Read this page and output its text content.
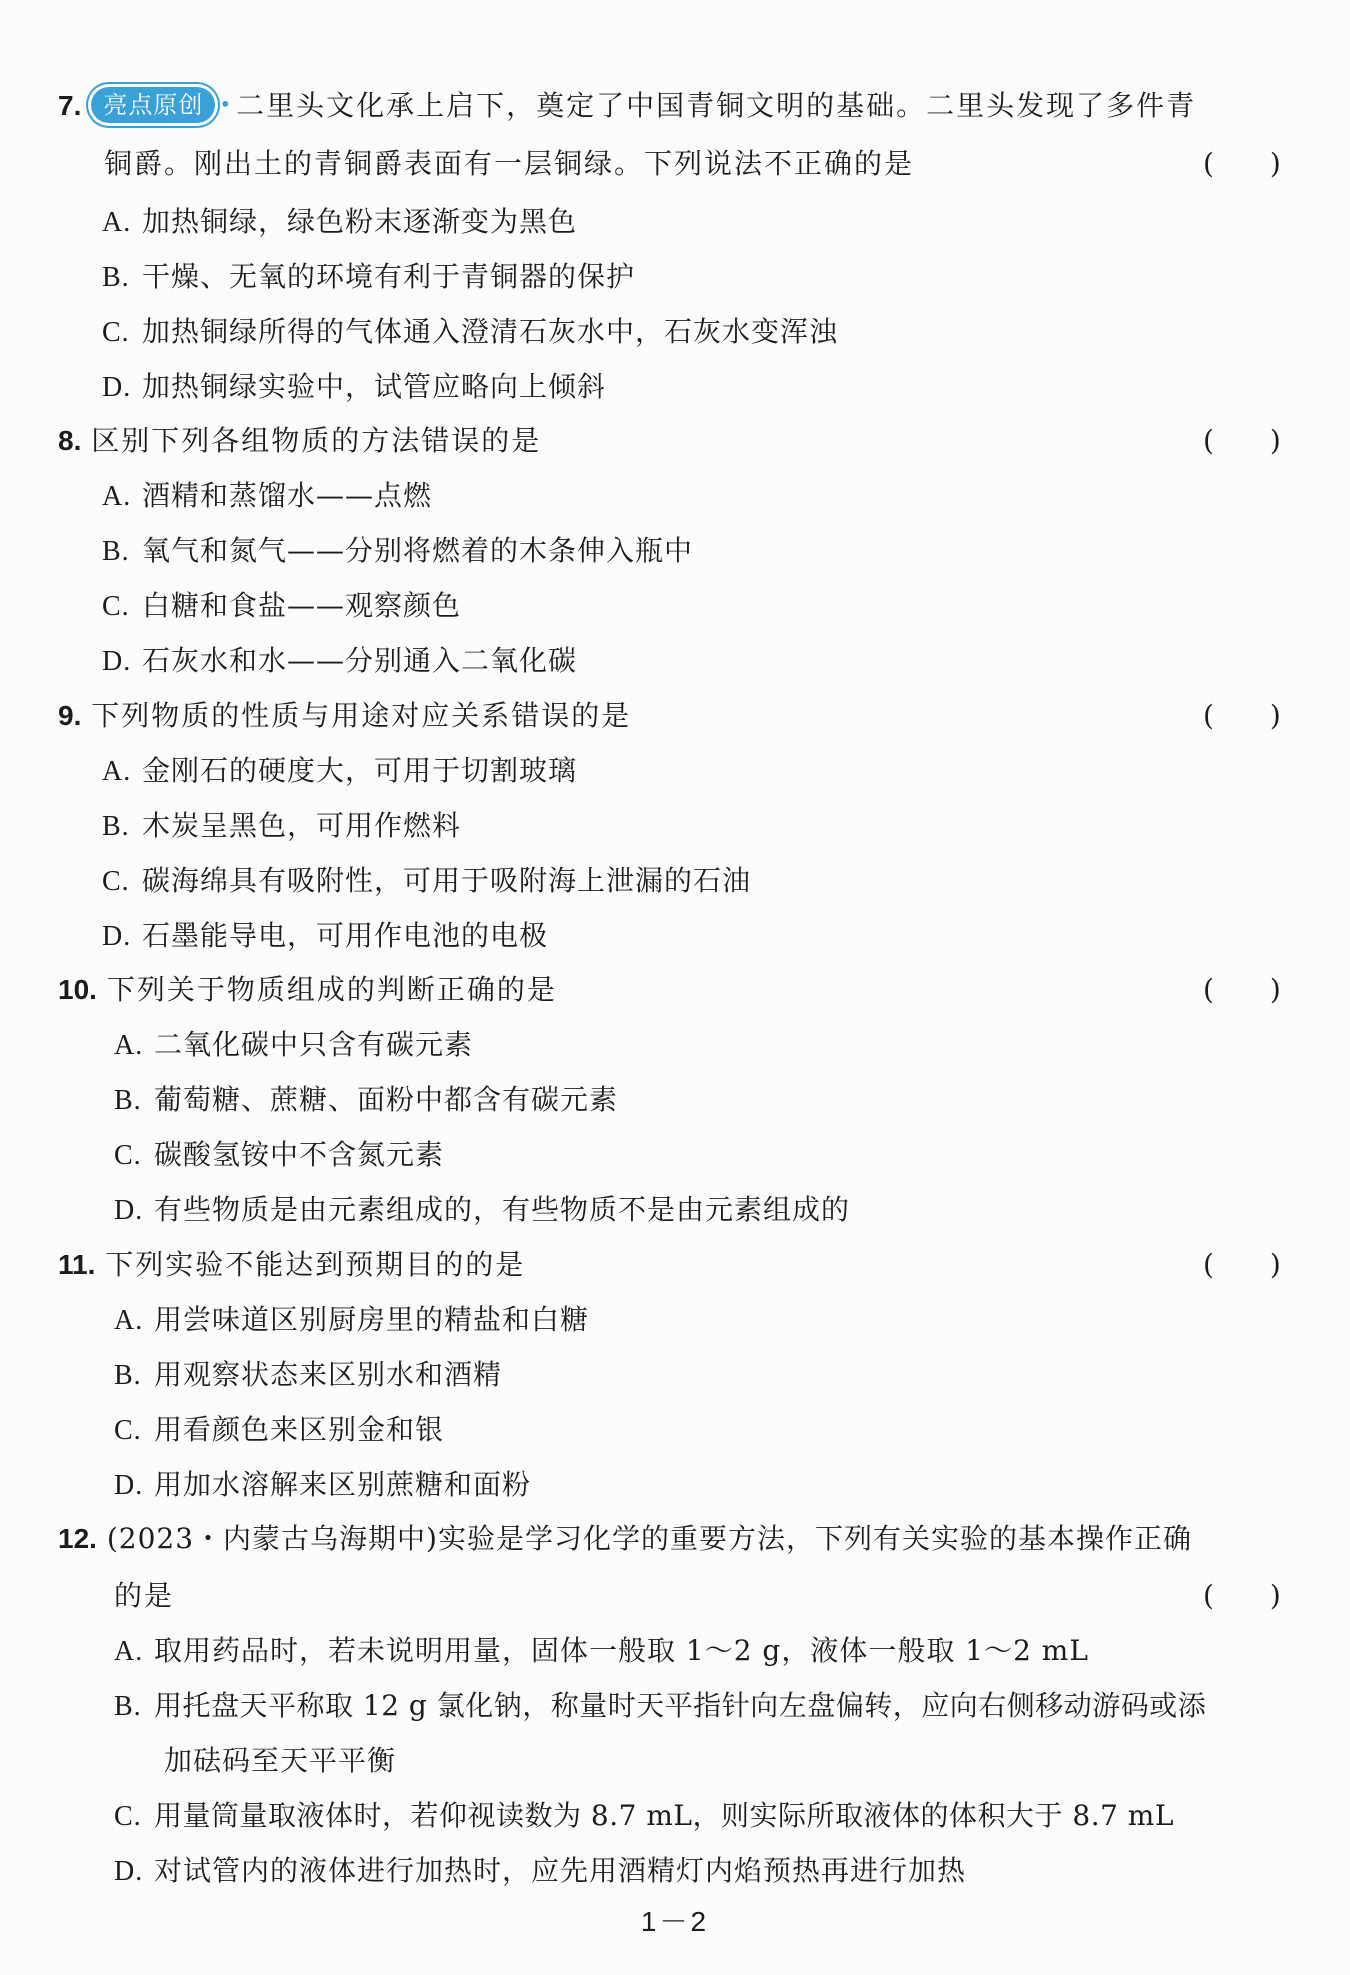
7. 亮点原创 • 二里头文化承上启下，奠定了中国青铜文明的基础。二里头发现了多件青
铜爵。刚出土的青铜爵表面有一层铜绿。下列说法不正确的是	(　　)
A. 加热铜绿，绿色粉末逐渐变为黑色
B. 干燥、无氧的环境有利于青铜器的保护
C. 加热铜绿所得的气体通入澄清石灰水中，石灰水变浑浊
D. 加热铜绿实验中，试管应略向上倾斜
8. 区别下列各组物质的方法错误的是	(　　)
A. 酒精和蒸馏水——点燃
B. 氧气和氮气——分别将燃着的木条伸入瓶中
C. 白糖和食盐——观察颜色
D. 石灰水和水——分别通入二氧化碳
9. 下列物质的性质与用途对应关系错误的是	(　　)
A. 金刚石的硬度大，可用于切割玻璃
B. 木炭呈黑色，可用作燃料
C. 碳海绵具有吸附性，可用于吸附海上泄漏的石油
D. 石墨能导电，可用作电池的电极
10. 下列关于物质组成的判断正确的是	(　　)
A. 二氧化碳中只含有碳元素
B. 葡萄糖、蔗糖、面粉中都含有碳元素
C. 碳酸氢铵中不含氮元素
D. 有些物质是由元素组成的，有些物质不是由元素组成的
11. 下列实验不能达到预期目的的是	(　　)
A. 用尝味道区别厨房里的精盐和白糖
B. 用观察状态来区别水和酒精
C. 用看颜色来区别金和银
D. 用加水溶解来区别蔗糖和面粉
12. (2023・内蒙古乌海期中)实验是学习化学的重要方法，下列有关实验的基本操作正确
的是	(　　)
A. 取用药品时，若未说明用量，固体一般取 1～2 g，液体一般取 1～2 mL
B. 用托盘天平称取 12 g 氯化钠，称量时天平指针向左盘偏转，应向右侧移动游码或添
加砝码至天平平衡
C. 用量筒量取液体时，若仰视读数为 8.7 mL，则实际所取液体的体积大于 8.7 mL
D. 对试管内的液体进行加热时，应先用酒精灯内焰预热再进行加热
1－2
